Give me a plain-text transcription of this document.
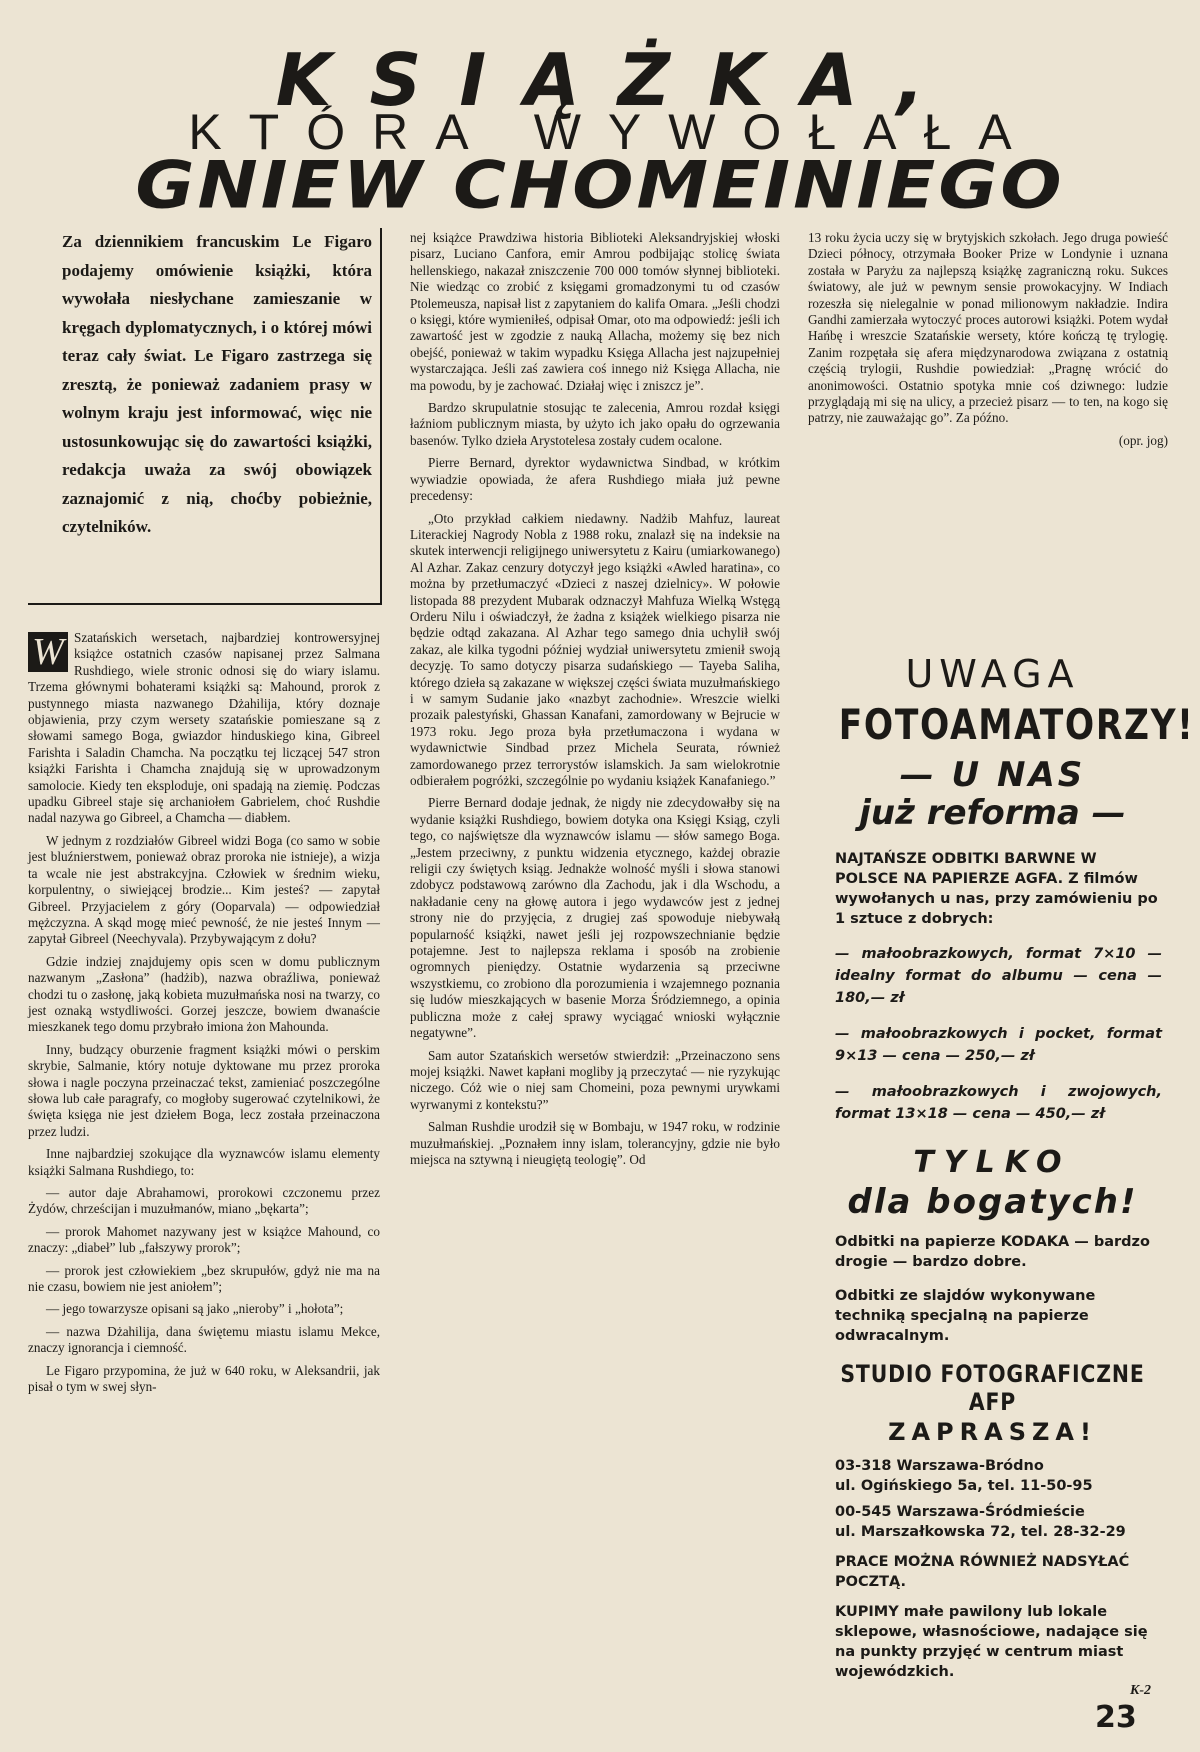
KSIĄŻKA,
KTÓRA WYWOŁAŁA
GNIEW CHOMEINIEGO
Za dziennikiem francuskim Le Figaro podajemy omówienie książki, która wywołała niesłychane zamieszanie w kręgach dyplomatycznych, i o której mówi teraz cały świat. Le Figaro zastrzega się zresztą, że ponieważ zadaniem prasy w wolnym kraju jest informować, więc nie ustosunkowując się do zawartości książki, redakcja uważa za swój obowiązek zaznajomić z nią, choćby pobieżnie, czytelników.

W Szatańskich wersetach, najbardziej kontrowersyjnej książce ostatnich czasów napisanej przez Salmana Rushdiego, wiele stronic odnosi się do wiary islamu. Trzema głównymi bohaterami książki są: Mahound, prorok z pustynnego miasta nazwanego Dżahilija, który doznaje objawienia, przy czym wersety szatańskie pomieszane są z słowami samego Boga, gwiazdor hinduskiego kina, Gibreel Farishta i Saladin Chamcha. Na początku tej liczącej 547 stron książki Farishta i Chamcha znajdują się w uprowadzonym samolocie. Kiedy ten eksploduje, oni spadają na ziemię. Podczas upadku Gibreel staje się archaniołem Gabrielem, choć Rushdie nadal nazywa go Gibreel, a Chamcha — diabłem.

W jednym z rozdziałów Gibreel widzi Boga (co samo w sobie jest bluźnierstwem, ponieważ obraz proroka nie istnieje), a wizja ta wcale nie jest abstrakcyjna. Człowiek w średnim wieku, korpulentny, o siwiejącej brodzie... Kim jesteś? — zapytał Gibreel. Przyjacielem z góry (Ooparvala) — odpowiedział mężczyzna. A skąd mogę mieć pewność, że nie jesteś Innym — zapytał Gibreel (Neechyvala). Przybywającym z dołu?

Gdzie indziej znajdujemy opis scen w domu publicznym nazwanym „Zasłona” (hadżib), nazwa obraźliwa, ponieważ chodzi tu o zasłonę, jaką kobieta muzułmańska nosi na twarzy, co jest oznaką wstydliwości. Gorzej jeszcze, bowiem dwanaście mieszkanek tego domu przybrało imiona żon Mahounda.

Inny, budzący oburzenie fragment książki mówi o perskim skrybie, Salmanie, który notuje dyktowane mu przez proroka słowa i nagle poczyna przeinaczać tekst, zamieniać poszczególne słowa lub całe paragrafy, co mogłoby sugerować czytelnikowi, że święta księga nie jest dziełem Boga, lecz została przeinaczona przez ludzi.

Inne najbardziej szokujące dla wyznawców islamu elementy książki Salmana Rushdiego, to:

— autor daje Abrahamowi, prorokowi czczonemu przez Żydów, chrześcijan i muzułmanów, miano „bękarta”;

— prorok Mahomet nazywany jest w książce Mahound, co znaczy: „diabeł” lub „fałszywy prorok”;

— prorok jest człowiekiem „bez skrupułów, gdyż nie ma na nie czasu, bowiem nie jest aniołem”;

— jego towarzysze opisani są jako „nieroby” i „hołota”;

— nazwa Dżahilija, dana świętemu miastu islamu Mekce, znaczy ignorancja i ciemność.

Le Figaro przypomina, że już w 640 roku, w Aleksandrii, jak pisał o tym w swej słyn-

nej książce Prawdziwa historia Biblioteki Aleksandryjskiej włoski pisarz, Luciano Canfora, emir Amrou podbijając stolicę świata hellenskiego, nakazał zniszczenie 700 000 tomów słynnej biblioteki. Nie wiedząc co zrobić z księgami gromadzonymi tu od czasów Ptolemeusza, napisał list z zapytaniem do kalifa Omara. „Jeśli chodzi o księgi, które wymieniłeś, odpisał Omar, oto ma odpowiedź: jeśli ich zawartość jest w zgodzie z nauką Allacha, możemy się bez nich obejść, ponieważ w takim wypadku Księga Allacha jest najzupełniej wystarczająca. Jeśli zaś zawiera coś innego niż Księga Allacha, nie ma powodu, by je zachować. Działaj więc i zniszcz je”.

Bardzo skrupulatnie stosując te zalecenia, Amrou rozdał księgi łaźniom publicznym miasta, by użyto ich jako opału do ogrzewania basenów. Tylko dzieła Arystotelesa zostały cudem ocalone.

Pierre Bernard, dyrektor wydawnictwa Sindbad, w krótkim wywiadzie opowiada, że afera Rushdiego miała już pewne precedensy:

„Oto przykład całkiem niedawny. Nadżib Mahfuz, laureat Literackiej Nagrody Nobla z 1988 roku, znalazł się na indeksie na skutek interwencji religijnego uniwersytetu z Kairu (umiarkowanego) Al Azhar. Zakaz cenzury dotyczył jego książki «Awled haratina», co można by przetłumaczyć «Dzieci z naszej dzielnicy». W połowie listopada 88 prezydent Mubarak odznaczył Mahfuza Wielką Wstęgą Orderu Nilu i oświadczył, że żadna z książek wielkiego pisarza nie będzie odtąd zakazana. Al Azhar tego samego dnia uchylił swój zakaz, ale kilka tygodni później wydział uniwersytetu zmienił swoją decyzję. To samo dotyczy pisarza sudańskiego — Tayeba Saliha, którego dzieła są zakazane w większej części świata muzułmańskiego i w samym Sudanie jako «nazbyt zachodnie». Wreszcie wielki prozaik palestyński, Ghassan Kanafani, zamordowany w Bejrucie w 1973 roku. Jego proza była przetłumaczona i wydana w wydawnictwie Sindbad przez Michela Seurata, również zamordowanego przez terrorystów islamskich. Ja sam wielokrotnie odbierałem pogróżki, szczególnie po wydaniu książek Kanafaniego.”

Pierre Bernard dodaje jednak, że nigdy nie zdecydowałby się na wydanie książki Rushdiego, bowiem dotyka ona Księgi Ksiąg, czyli tego, co najświętsze dla wyznawców islamu — słów samego Boga. „Jestem przeciwny, z punktu widzenia etycznego, każdej obrazie religii czy świętych ksiąg. Jednakże wolność myśli i słowa stanowi zdobycz podstawową zarówno dla Zachodu, jak i dla Wschodu, a nakładanie ceny na głowę autora i jego wydawców jest z jednej strony nie do przyjęcia, z drugiej zaś spowoduje niebywałą popularność książki, nawet jeśli jej rozpowszechnianie będzie potajemne. Jest to najlepsza reklama i sposób na zrobienie ogromnych pieniędzy. Ostatnie wydarzenia są przeciwne wszystkiemu, co zrobiono dla porozumienia i wzajemnego poznania się ludów mieszkających w basenie Morza Śródziemnego, a opinia publiczna może z całej sprawy wyciągać wnioski wyłącznie negatywne”.

Sam autor Szatańskich wersetów stwierdził: „Przeinaczono sens mojej książki. Nawet kapłani mogliby ją przeczytać — nie ryzykując niczego. Cóż wie o niej sam Chomeini, poza pewnymi urywkami wyrwanymi z kontekstu?”

Salman Rushdie urodził się w Bombaju, w 1947 roku, w rodzinie muzułmańskiej. „Poznałem inny islam, tolerancyjny, gdzie nie było miejsca na sztywną i nieugiętą teologię”. Od

13 roku życia uczy się w brytyjskich szkołach. Jego druga powieść Dzieci północy, otrzymała Booker Prize w Londynie i uznana została w Paryżu za najlepszą książkę zagraniczną roku. Sukces światowy, ale już w pewnym sensie prowokacyjny. W Indiach rozeszła się nielegalnie w ponad milionowym nakładzie. Indira Gandhi zamierzała wytoczyć proces autorowi książki. Potem wydał Hańbę i wreszcie Szatańskie wersety, które kończą tę trylogię. Zanim rozpętała się afera międzynarodowa związana z ostatnią częścią trylogii, Rushdie powiedział: „Pragnę wrócić do anonimowości. Ostatnio spotyka mnie coś dziwnego: ludzie przyglądają mi się na ulicy, a przecież pisarz — to ten, na kogo się patrzy, nie zauważając go”. Za późno.

(opr. jog)
UWAGA
FOTOAMATORZY!
— U NAS
już reforma —
NAJTAŃSZE ODBITKI BARWNE W POLSCE NA PAPIERZE AGFA. Z filmów wywołanych u nas, przy zamówieniu po 1 sztuce z dobrych:
— małoobrazkowych, format 7×10 — idealny format do albumu — cena — 180,— zł
— małoobrazkowych i pocket, format 9×13 — cena — 250,— zł
— małoobrazkowych i zwojowych, format 13×18 — cena — 450,— zł
TYLKO
dla bogatych!
Odbitki na papierze KODAKA — bardzo drogie — bardzo dobre.
Odbitki ze slajdów wykonywane techniką specjalną na papierze odwracalnym.
STUDIO FOTOGRAFICZNE AFP
ZAPRASZA!
03-318 Warszawa-Bródno
ul. Ogińskiego 5a, tel. 11-50-95
00-545 Warszawa-Śródmieście
ul. Marszałkowska 72, tel. 28-32-29
PRACE MOŻNA RÓWNIEŻ NADSYŁAĆ POCZTĄ.
KUPIMY małe pawilony lub lokale sklepowe, własnościowe, nadające się na punkty przyjęć w centrum miast wojewódzkich.
K-2
23
